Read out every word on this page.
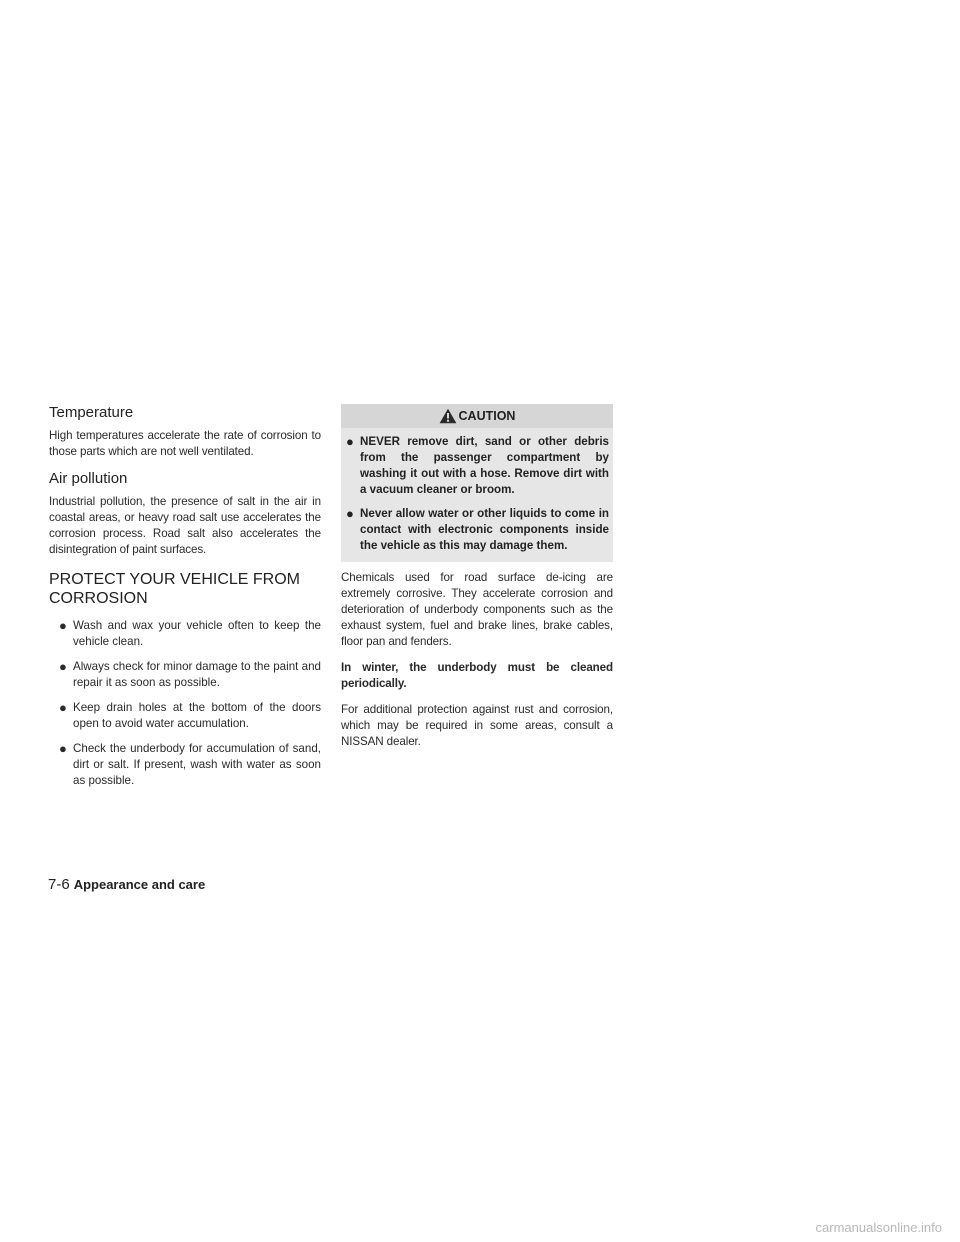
Temperature

High temperatures accelerate the rate of corrosion to those parts which are not well ventilated.

Air pollution

Industrial pollution, the presence of salt in the air in coastal areas, or heavy road salt use accelerates the corrosion process. Road salt also accelerates the disintegration of paint surfaces.

PROTECT YOUR VEHICLE FROM
CORROSION
● Wash and wax your vehicle often to keep the vehicle clean.
● Always check for minor damage to the paint and repair it as soon as possible.
● Keep drain holes at the bottom of the doors open to avoid water accumulation.
● Check the underbody for accumulation of sand, dirt or salt. If present, wash with water as soon as possible.
CAUTION
● NEVER remove dirt, sand or other debris from the passenger compartment by washing it out with a hose. Remove dirt with a vacuum cleaner or broom.
● Never allow water or other liquids to come in contact with electronic components inside the vehicle as this may damage them.

Chemicals used for road surface de-icing are extremely corrosive. They accelerate corrosion and deterioration of underbody components such as the exhaust system, fuel and brake lines, brake cables, floor pan and fenders.

In winter, the underbody must be cleaned periodically.

For additional protection against rust and corrosion, which may be required in some areas, consult a NISSAN dealer.

7-6 Appearance and care
carmanualsonline.info
